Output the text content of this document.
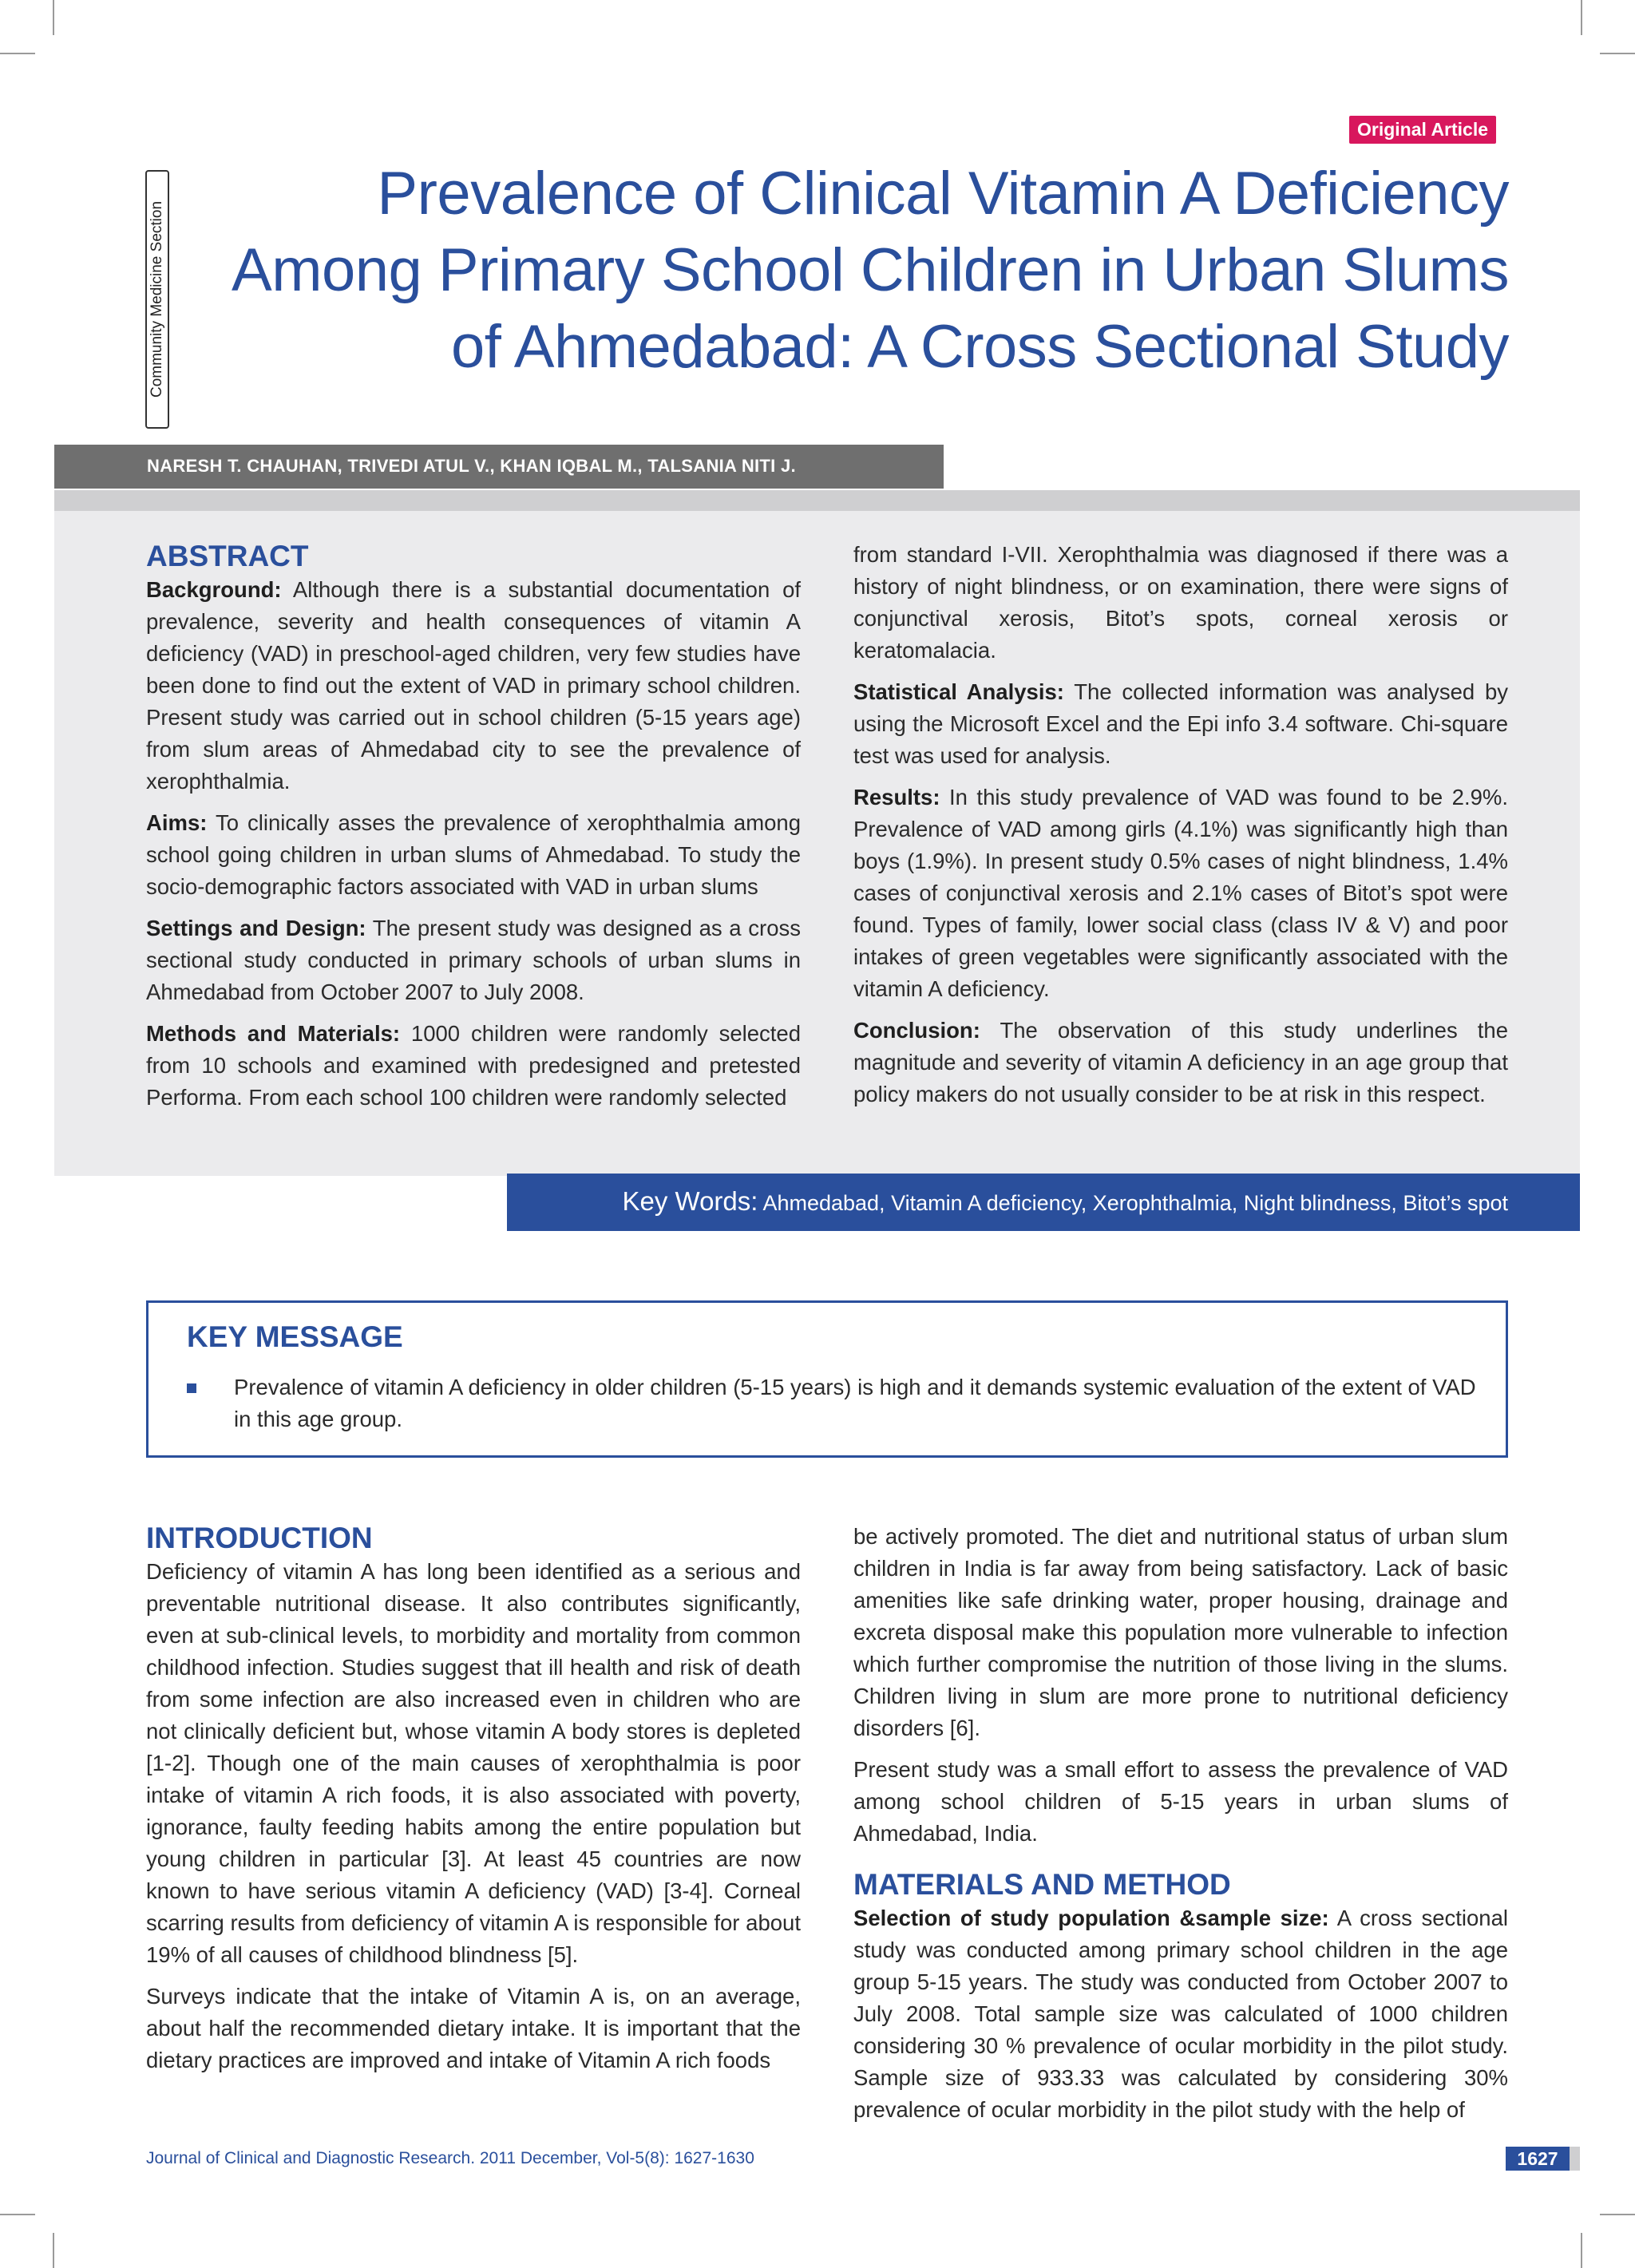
Original Article
Community Medicine Section
Prevalence of Clinical Vitamin A Deficiency
Among Primary School Children in Urban Slums
of Ahmedabad: A Cross Sectional Study
NARESH T. CHAUHAN, TRIVEDI ATUL V., KHAN IQBAL M., TALSANIA NITI J.
ABSTRACT

Background: Although there is a substantial documentation of prevalence, severity and health consequences of vitamin A deficiency (VAD) in preschool-aged children, very few studies have been done to find out the extent of VAD in primary school children. Present study was carried out in school children (5-15 years age) from slum areas of Ahmedabad city to see the prevalence of xerophthalmia.

Aims: To clinically asses the prevalence of xerophthalmia among school going children in urban slums of Ahmedabad. To study the socio-demographic factors associated with VAD in urban slums

Settings and Design: The present study was designed as a cross sectional study conducted in primary schools of urban slums in Ahmedabad from October 2007 to July 2008.

Methods and Materials: 1000 children were randomly selected from 10 schools and examined with predesigned and pretested Performa. From each school 100 children were randomly selected

from standard I-VII. Xerophthalmia was diagnosed if there was a history of night blindness, or on examination, there were signs of conjunctival xerosis, Bitot’s spots, corneal xerosis or keratomalacia.

Statistical Analysis: The collected information was analysed by using the Microsoft Excel and the Epi info 3.4 software. Chi-square test was used for analysis.

Results: In this study prevalence of VAD was found to be 2.9%. Prevalence of VAD among girls (4.1%) was significantly high than boys (1.9%). In present study 0.5% cases of night blindness, 1.4% cases of conjunctival xerosis and 2.1% cases of Bitot’s spot were found. Types of family, lower social class (class IV & V) and poor intakes of green vegetables were significantly associated with the vitamin A deficiency.

Conclusion: The observation of this study underlines the magnitude and severity of vitamin A deficiency in an age group that policy makers do not usually consider to be at risk in this respect.

Key Words: Ahmedabad, Vitamin A deficiency, Xerophthalmia, Night blindness, Bitot’s spot
KEY MESSAGE
Prevalence of vitamin A deficiency in older children (5-15 years) is high and it demands systemic evaluation of the extent of VAD in this age group.
INTRODUCTION

Deficiency of vitamin A has long been identified as a serious and preventable nutritional disease. It also contributes significantly, even at sub-clinical levels, to morbidity and mortality from common childhood infection. Studies suggest that ill health and risk of death from some infection are also increased even in children who are not clinically deficient but, whose vitamin A body stores is depleted [1-2]. Though one of the main causes of xerophthalmia is poor intake of vitamin A rich foods, it is also associated with poverty, ignorance, faulty feeding habits among the entire population but young children in particular [3]. At least 45 countries are now known to have serious vitamin A deficiency (VAD) [3-4]. Corneal scarring results from deficiency of vitamin A is responsible for about 19% of all causes of childhood blindness [5].

Surveys indicate that the intake of Vitamin A is, on an average, about half the recommended dietary intake. It is important that the dietary practices are improved and intake of Vitamin A rich foods

be actively promoted. The diet and nutritional status of urban slum children in India is far away from being satisfactory. Lack of basic amenities like safe drinking water, proper housing, drainage and excreta disposal make this population more vulnerable to infection which further compromise the nutrition of those living in the slums. Children living in slum are more prone to nutritional deficiency disorders [6].

Present study was a small effort to assess the prevalence of VAD among school children of 5-15 years in urban slums of Ahmedabad, India.

MATERIALS AND METHOD

Selection of study population &sample size: A cross sectional study was conducted among primary school children in the age group 5-15 years. The study was conducted from October 2007 to July 2008. Total sample size was calculated of 1000 children considering 30 % prevalence of ocular morbidity in the pilot study. Sample size of 933.33 was calculated by considering 30% prevalence of ocular morbidity in the pilot study with the help of

Journal of Clinical and Diagnostic Research. 2011 December, Vol-5(8): 1627-1630	1627
